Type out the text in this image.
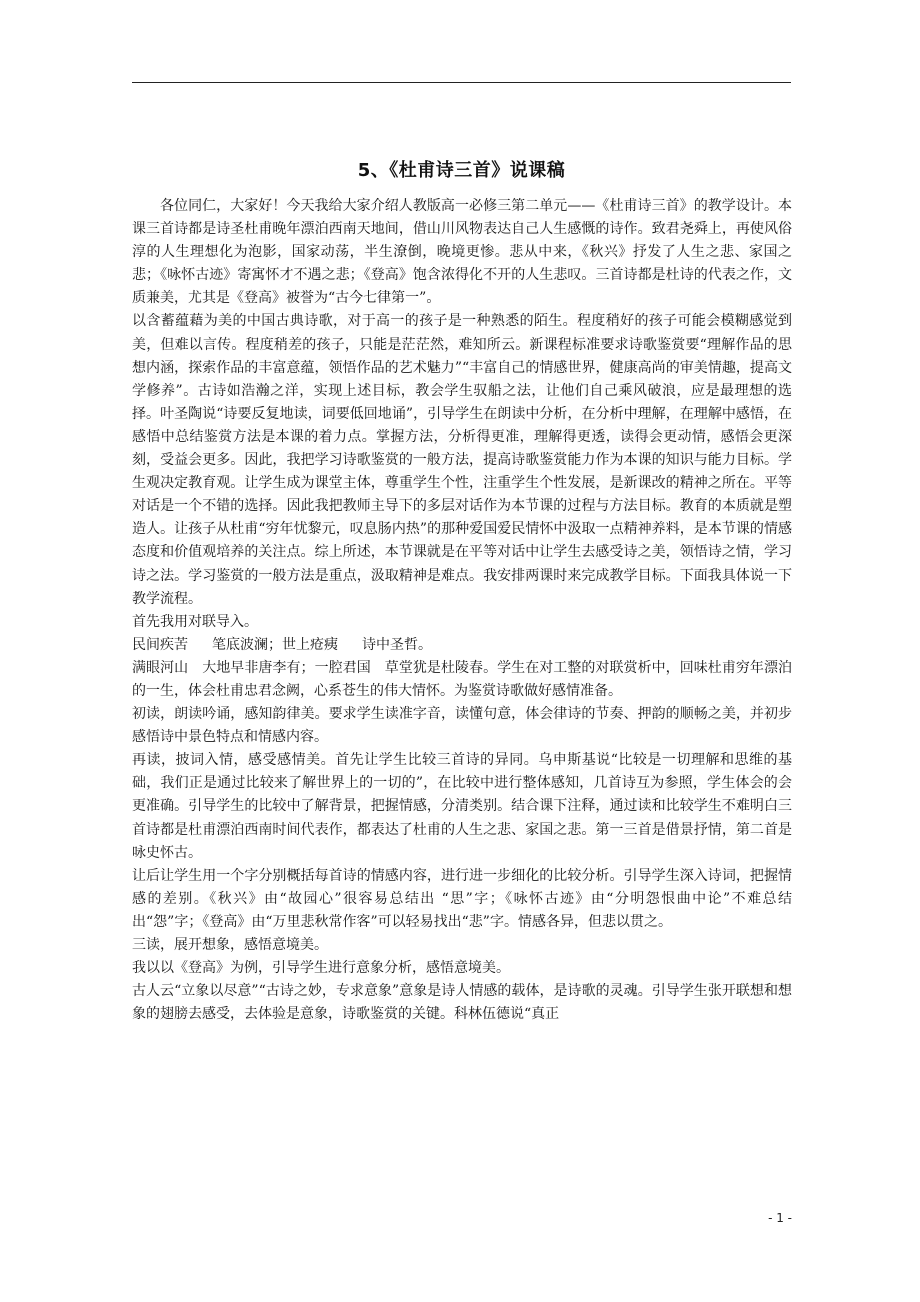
5、《杜甫诗三首》说课稿

各位同仁，大家好！今天我给大家介绍人教版高一必修三第二单元——《杜甫诗三首》的教学设计。本课三首诗都是诗圣杜甫晚年漂泊西南天地间，借山川风物表达自己人生感慨的诗作。致君尧舜上，再使风俗淳的人生理想化为泡影，国家动荡，半生潦倒，晚境更惨。悲从中来，《秋兴》抒发了人生之悲、家国之悲；《咏怀古迹》寄寓怀才不遇之悲；《登高》饱含浓得化不开的人生悲叹。三首诗都是杜诗的代表之作，文质兼美，尤其是《登高》被誉为“古今七律第一”。

以含蓄蕴藉为美的中国古典诗歌，对于高一的孩子是一种熟悉的陌生。程度稍好的孩子可能会模糊感觉到美，但难以言传。程度稍差的孩子，只能是茫茫然，难知所云。新课程标准要求诗歌鉴赏要“理解作品的思想内涵，探索作品的丰富意蕴，领悟作品的艺术魅力”“丰富自己的情感世界，健康高尚的审美情趣，提高文学修养”。古诗如浩瀚之洋，实现上述目标，教会学生驭船之法，让他们自己乘风破浪，应是最理想的选择。叶圣陶说“诗要反复地读，词要低回地诵”，引导学生在朗读中分析，在分析中理解，在理解中感悟，在感悟中总结鉴赏方法是本课的着力点。掌握方法，分析得更准，理解得更透，读得会更动情，感悟会更深刻，受益会更多。因此，我把学习诗歌鉴赏的一般方法，提高诗歌鉴赏能力作为本课的知识与能力目标。学生观决定教育观。让学生成为课堂主体，尊重学生个性，注重学生个性发展，是新课改的精神之所在。平等对话是一个不错的选择。因此我把教师主导下的多层对话作为本节课的过程与方法目标。教育的本质就是塑造人。让孩子从杜甫“穷年忧黎元，叹息肠内热”的那种爱国爱民情怀中汲取一点精神养料，是本节课的情感态度和价值观培养的关注点。综上所述，本节课就是在平等对话中让学生去感受诗之美，领悟诗之情，学习诗之法。学习鉴赏的一般方法是重点，汲取精神是难点。我安排两课时来完成教学目标。下面我具体说一下教学流程。

首先我用对联导入。

民间疾苦 笔底波澜；世上疮痍 诗中圣哲。

满眼河山　大地早非唐李有；一腔君国　草堂犹是杜陵春。学生在对工整的对联赏析中，回味杜甫穷年漂泊的一生，体会杜甫忠君念阙，心系苍生的伟大情怀。为鉴赏诗歌做好感情准备。

初读，朗读吟诵，感知韵律美。要求学生读准字音，读懂句意，体会律诗的节奏、押韵的顺畅之美，并初步感悟诗中景色特点和情感内容。

再读，披词入情，感受感情美。首先让学生比较三首诗的异同。乌申斯基说“比较是一切理解和思维的基础，我们正是通过比较来了解世界上的一切的”，在比较中进行整体感知，几首诗互为参照，学生体会的会更准确。引导学生的比较中了解背景，把握情感，分清类别。结合课下注释，通过读和比较学生不难明白三首诗都是杜甫漂泊西南时间代表作，都表达了杜甫的人生之悲、家国之悲。第一三首是借景抒情，第二首是咏史怀古。

让后让学生用一个字分别概括每首诗的情感内容，进行进一步细化的比较分析。引导学生深入诗词，把握情感的差别。《秋兴》由“故园心”很容易总结出 “思”字；《咏怀古迹》由“分明怨恨曲中论”不难总结出“怨”字；《登高》由“万里悲秋常作客”可以轻易找出“悲”字。情感各异，但悲以贯之。

三读，展开想象，感悟意境美。

我以以《登高》为例，引导学生进行意象分析，感悟意境美。

古人云“立象以尽意”“古诗之妙，专求意象”意象是诗人情感的载体，是诗歌的灵魂。引导学生张开联想和想象的翅膀去感受，去体验是意象，诗歌鉴赏的关键。科林伍德说“真正

- 1 -
